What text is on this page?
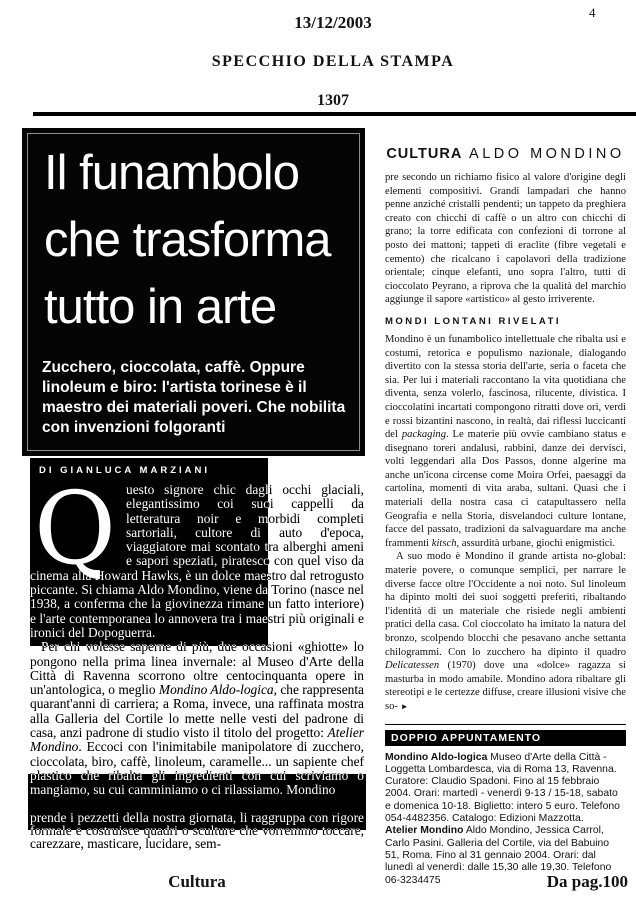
4
13/12/2003
SPECCHIO DELLA STAMPA
1307
Il funambolo
che trasforma
tutto in arte
Zucchero, cioccolata, caffè. Oppure linoleum e biro: l'artista torinese è il maestro dei materiali poveri. Che nobilita con invenzioni folgoranti
DI GIANLUCA MARZIANI

Questo signore chic dagli occhi glaciali, elegantissimo coi suoi cappelli da letteratura noir e morbidi completi sartoriali, cultore di auto d'epoca, viaggiatore mai scontato tra alberghi ameni e sapori speziati, piratesco con quel viso da cinema alla Howard Hawks, è un dolce maestro dal retrogusto piccante. Si chiama Aldo Mondino, viene da Torino (nasce nel 1938, a conferma che la giovinezza rimane un fatto interiore) e l'arte contemporanea lo annovera tra i maestri più originali e ironici del Dopoguerra.

Per chi volesse saperne di più, due occasioni «ghiotte» lo pongono nella prima linea invernale: al Museo d'Arte della Città di Ravenna scorrono oltre centocinquanta opere in un'antologica, o meglio Mondino Aldo-logica, che rappresenta quarant'anni di carriera; a Roma, invece, una raffinata mostra alla Galleria del Cortile lo mette nelle vesti del padrone di casa, anzi padrone di studio visto il titolo del progetto: Atelier Mondino. Eccoci con l'inimitabile manipolatore di zucchero, cioccolata, biro, caffè, linoleum, caramelle... un sapiente chef plastico che ribalta gli ingredienti con cui scriviamo o mangiamo, su cui camminiamo o ci rilassiamo. Mondino

prende i pezzetti della nostra giornata, li raggruppa con rigore formale e costruisce quadri o sculture che vorremmo toccare, carezzare, masticare, lucidare, sem-

CULTURA ALDO MONDINO

pre secondo un richiamo fisico al valore d'origine degli elementi compositivi. Grandi lampadari che hanno penne anziché cristalli pendenti; un tappeto da preghiera creato con chicchi di caffè o un altro con chicchi di grano; la torre edificata con confezioni di torrone al posto dei mattoni; tappeti di eraclite (fibre vegetali e cemento) che ricalcano i capolavori della tradizione orientale; cinque elefanti, uno sopra l'altro, tutti di cioccolato Peyrano, a riprova che la qualità del marchio aggiunge il sapore «artistico» al gesto irriverente.

MONDI LONTANI RIVELATI

Mondino è un funambolico intellettuale che ribalta usi e costumi, retorica e populismo nazionale, dialogando divertito con la stessa storia dell'arte, seria o faceta che sia. Per lui i materiali raccontano la vita quotidiana che diventa, senza volerlo, fascinosa, rilucente, divistica. I cioccolatini incartati compongono ritratti dove ori, verdi e rossi bizantini nascono, in realtà, dai riflessi luccicanti del packaging. Le materie più ovvie cambiano status e disegnano toreri andalusi, rabbini, danze dei dervisci, volti leggendari alla Dos Passos, donne algerine ma anche un'icona circense come Moira Orfei, paesaggi da cartolina, momenti di vita araba, sultani. Quasi che i materiali della nostra casa ci catapultassero nella Geografia e nella Storia, disvelandoci culture lontane, facce del passato, tradizioni da salvaguardare ma anche frammenti kitsch, assurdità urbane, giochi enigmistici.

A suo modo è Mondino il grande artista no-global: materie povere, o comunque semplici, per narrare le diverse facce oltre l'Occidente a noi noto. Sul linoleum ha dipinto molti dei suoi soggetti preferiti, ribaltando l'identità di un materiale che risiede negli ambienti pratici della casa. Col cioccolato ha imitato la natura del bronzo, scolpendo blocchi che pesavano anche settanta chilogrammi. Con lo zucchero ha dipinto il quadro Delicatessen (1970) dove una «dolce» ragazza si masturba in modo amabile. Mondino adora ribaltare gli stereotipi e le certezze diffuse, creare illusioni visive che so- ►

DOPPIO APPUNTAMENTO

Mondino Aldo-logica Museo d'Arte della Città - Loggetta Lombardesca, via di Roma 13, Ravenna. Curatore: Claudio Spadoni. Fino al 15 febbraio 2004. Orari: martedì - venerdì 9-13 / 15-18, sabato e domenica 10-18. Biglietto: intero 5 euro. Telefono 054-4482356. Catalogo: Edizioni Mazzotta.

Atelier Mondino Aldo Mondino, Jessica Carrol, Carlo Pasini. Galleria del Cortile, via del Babuino 51, Roma. Fino al 31 gennaio 2004. Orari: dal lunedì al venerdì: dalle 15,30 alle 19,30. Telefono 06-3234475

Cultura	Da pag.100
